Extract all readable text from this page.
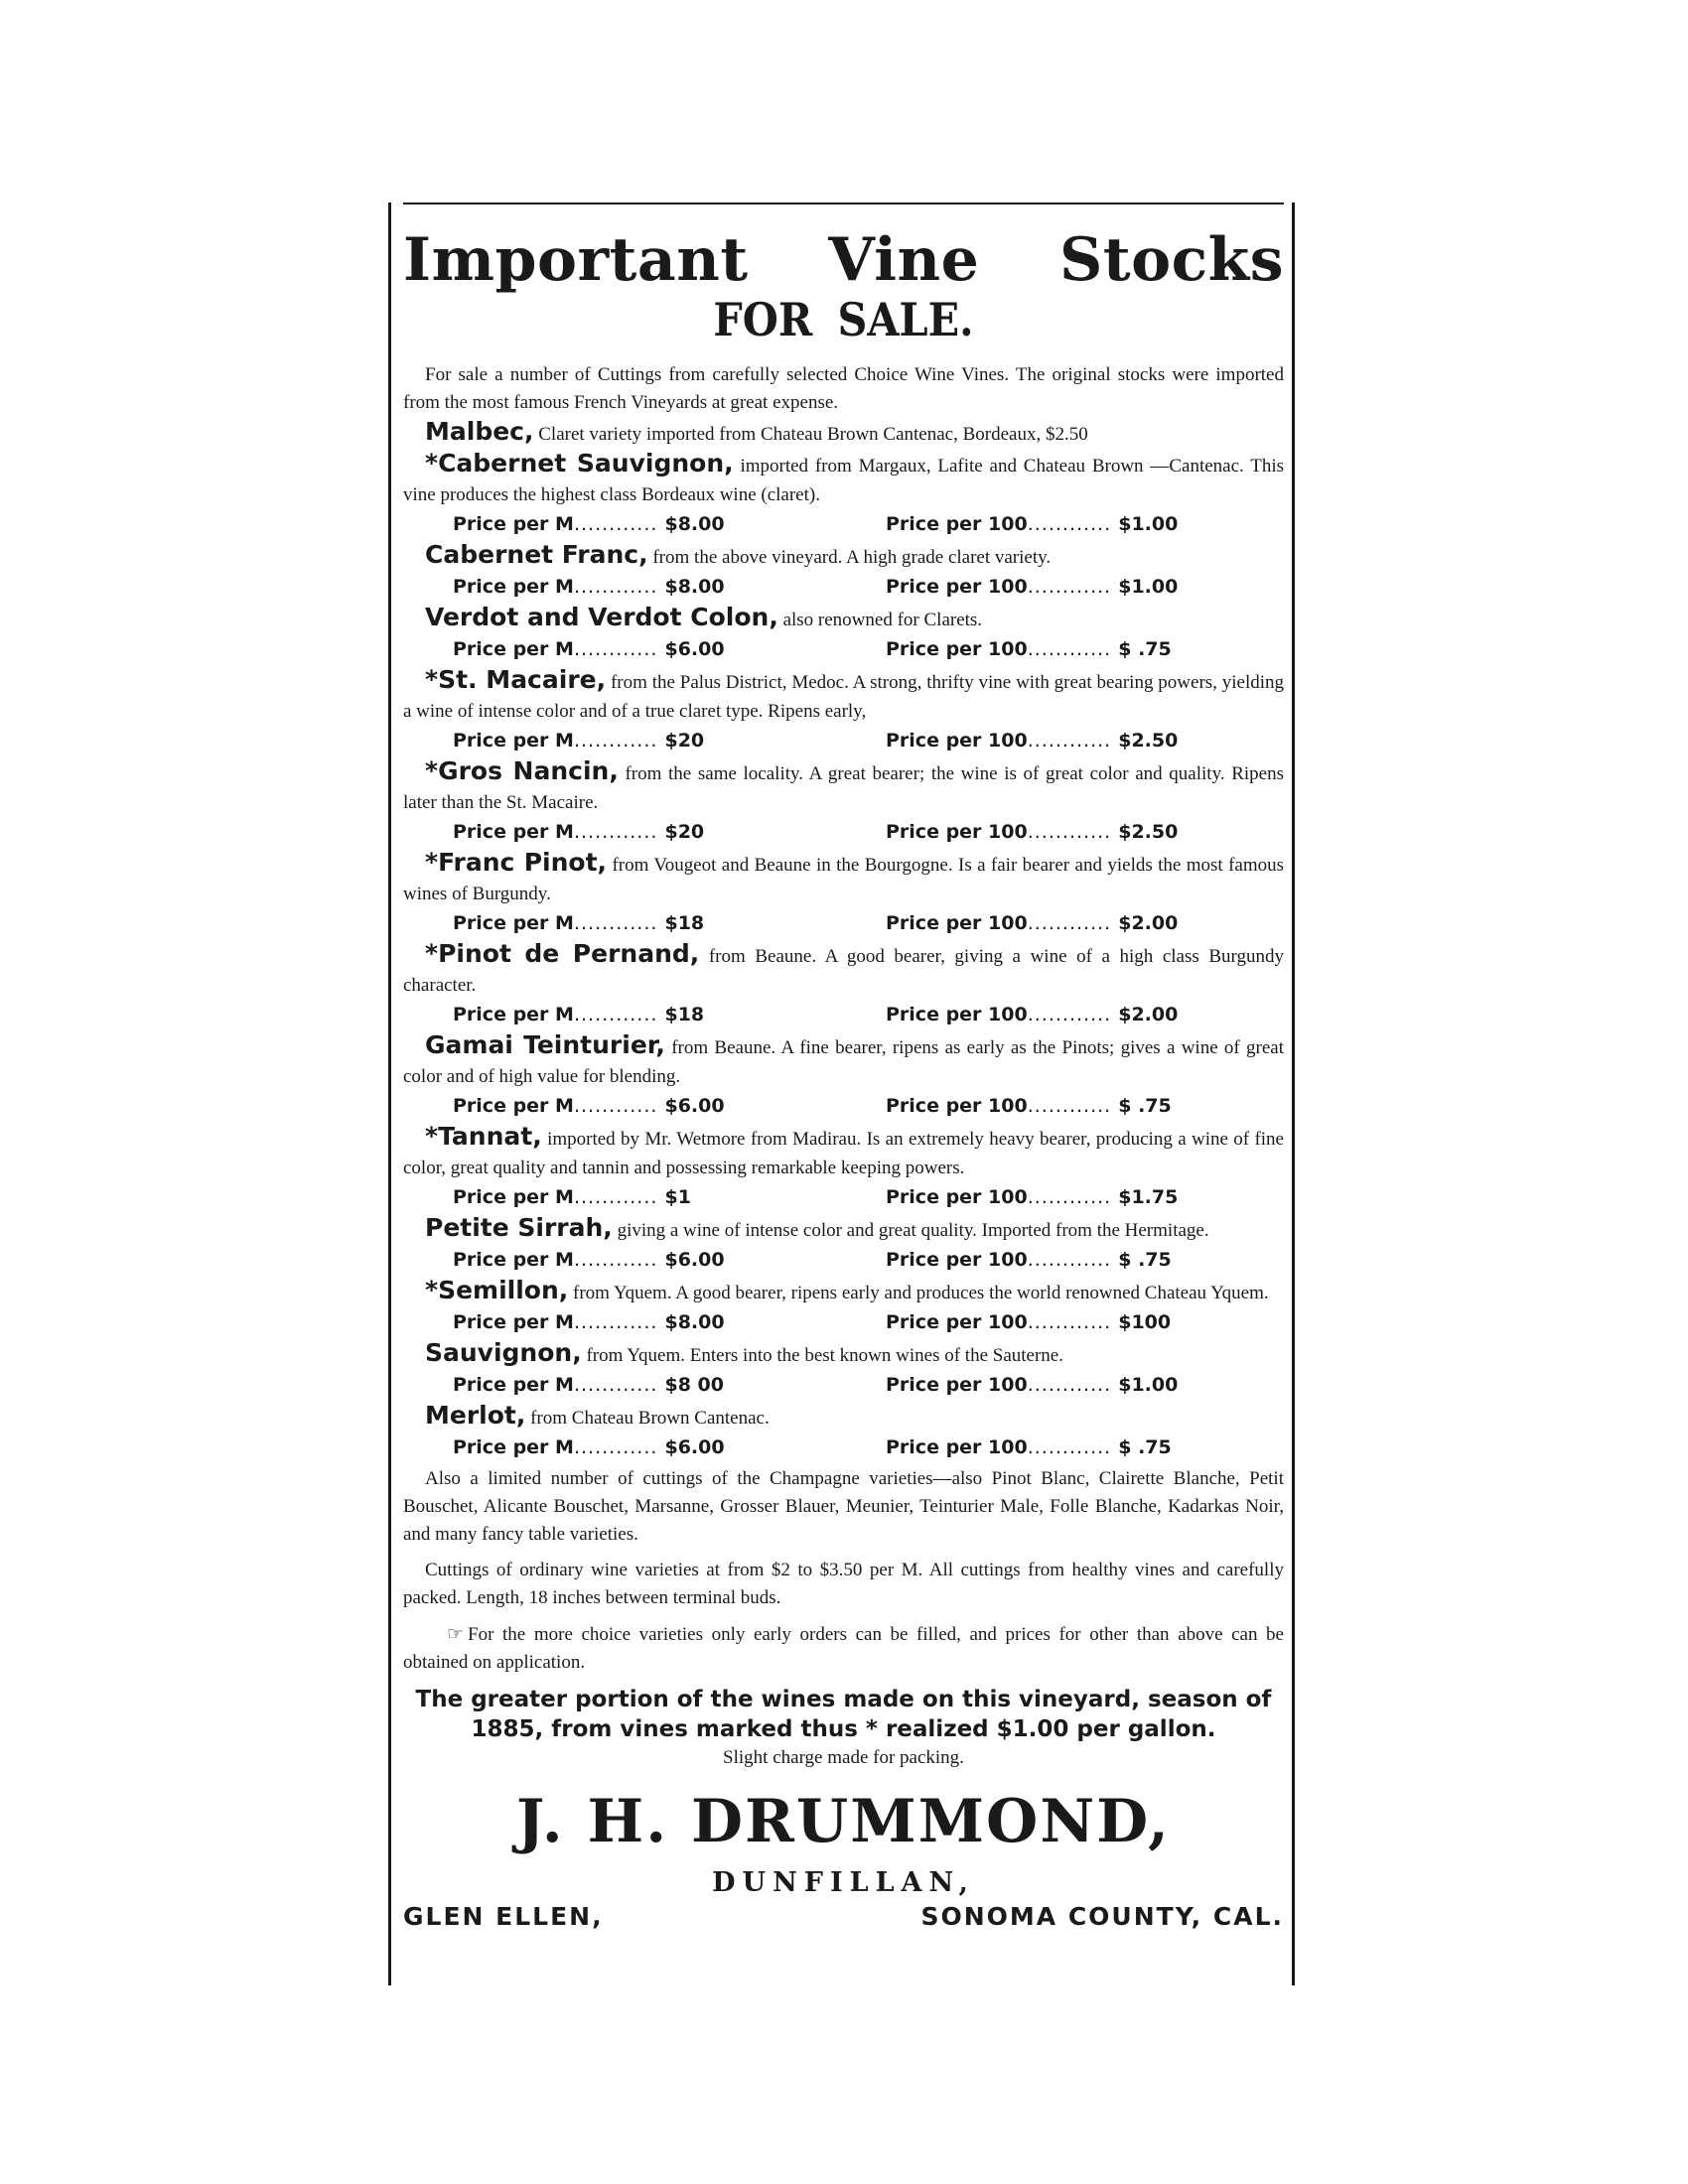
Important Vine Stocks
FOR SALE.

For sale a number of Cuttings from carefully selected Choice Wine Vines. The original stocks were imported from the most famous French Vineyards at great expense.

Malbec, Claret variety imported from Chateau Brown Cantenac, Bordeaux, $2.50

*Cabernet Sauvignon, imported from Margaux, Lafite and Chateau Brown —Cantenac. This vine produces the highest class Bordeaux wine (claret).

Price per M............ $8.00	Price per 100............ $1.00

Cabernet Franc, from the above vineyard. A high grade claret variety.

Price per M............ $8.00	Price per 100............ $1.00

Verdot and Verdot Colon, also renowned for Clarets.

Price per M............ $6.00	Price per 100............ $ .75

*St. Macaire, from the Palus District, Medoc. A strong, thrifty vine with great bearing powers, yielding a wine of intense color and of a true claret type. Ripens early,

Price per M............ $20	Price per 100............ $2.50

*Gros Nancin, from the same locality. A great bearer; the wine is of great color and quality. Ripens later than the St. Macaire.

Price per M............ $20	Price per 100............ $2.50

*Franc Pinot, from Vougeot and Beaune in the Bourgogne. Is a fair bearer and yields the most famous wines of Burgundy.

Price per M............ $18	Price per 100............ $2.00

*Pinot de Pernand, from Beaune. A good bearer, giving a wine of a high class Burgundy character.

Price per M............ $18	Price per 100............ $2.00

Gamai Teinturier, from Beaune. A fine bearer, ripens as early as the Pinots; gives a wine of great color and of high value for blending.

Price per M............ $6.00	Price per 100............ $ .75

*Tannat, imported by Mr. Wetmore from Madirau. Is an extremely heavy bearer, producing a wine of fine color, great quality and tannin and possessing remarkable keeping powers.

Price per M............ $1	Price per 100............ $1.75

Petite Sirrah, giving a wine of intense color and great quality. Imported from the Hermitage.

Price per M............ $6.00	Price per 100............ $ .75

*Semillon, from Yquem. A good bearer, ripens early and produces the world renowned Chateau Yquem.

Price per M............ $8.00	Price per 100............ $100

Sauvignon, from Yquem. Enters into the best known wines of the Sauterne.

Price per M............ $8 00	Price per 100............ $1.00

Merlot, from Chateau Brown Cantenac.

Price per M............ $6.00	Price per 100............ $ .75

Also a limited number of cuttings of the Champagne varieties—also Pinot Blanc, Clairette Blanche, Petit Bouschet, Alicante Bouschet, Marsanne, Grosser Blauer, Meunier, Teinturier Male, Folle Blanche, Kadarkas Noir, and many fancy table varieties.

Cuttings of ordinary wine varieties at from $2 to $3.50 per M. All cuttings from healthy vines and carefully packed. Length, 18 inches between terminal buds.

☞ For the more choice varieties only early orders can be filled, and prices for other than above can be obtained on application.

The greater portion of the wines made on this vineyard, season of 1885, from vines marked thus * realized $1.00 per gallon.
Slight charge made for packing.
J. H. DRUMMOND,
DUNFILLAN,
GLEN ELLEN,	SONOMA COUNTY, CAL.
